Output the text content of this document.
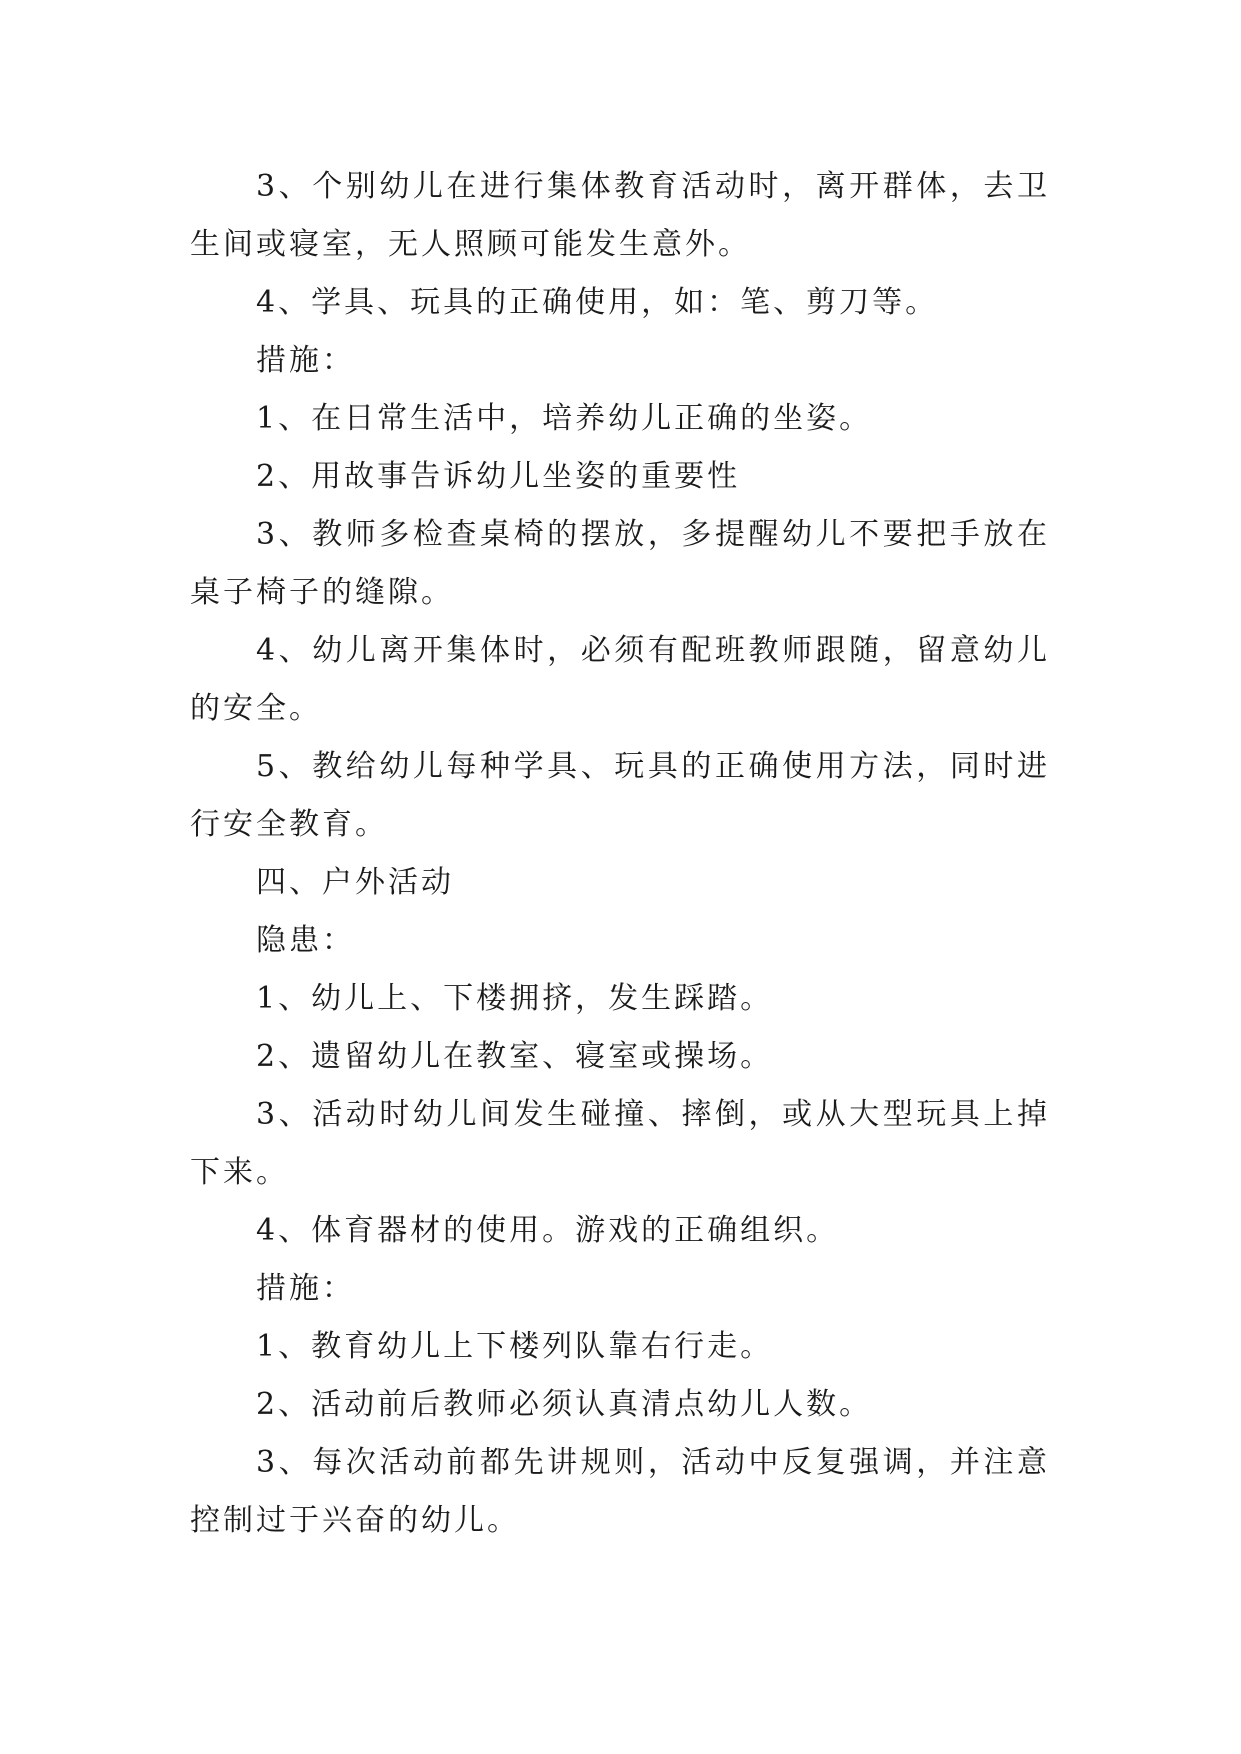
3、个别幼儿在进行集体教育活动时，离开群体，去卫生间或寝室，无人照顾可能发生意外。

4、学具、玩具的正确使用，如：笔、剪刀等。

措施：

1、在日常生活中，培养幼儿正确的坐姿。

2、用故事告诉幼儿坐姿的重要性

3、教师多检查桌椅的摆放，多提醒幼儿不要把手放在桌子椅子的缝隙。

4、幼儿离开集体时，必须有配班教师跟随，留意幼儿的安全。

5、教给幼儿每种学具、玩具的正确使用方法，同时进行安全教育。

四、户外活动

隐患：

1、幼儿上、下楼拥挤，发生踩踏。

2、遗留幼儿在教室、寝室或操场。

3、活动时幼儿间发生碰撞、摔倒，或从大型玩具上掉下来。

4、体育器材的使用。游戏的正确组织。

措施：

1、教育幼儿上下楼列队靠右行走。

2、活动前后教师必须认真清点幼儿人数。

3、每次活动前都先讲规则，活动中反复强调，并注意控制过于兴奋的幼儿。
